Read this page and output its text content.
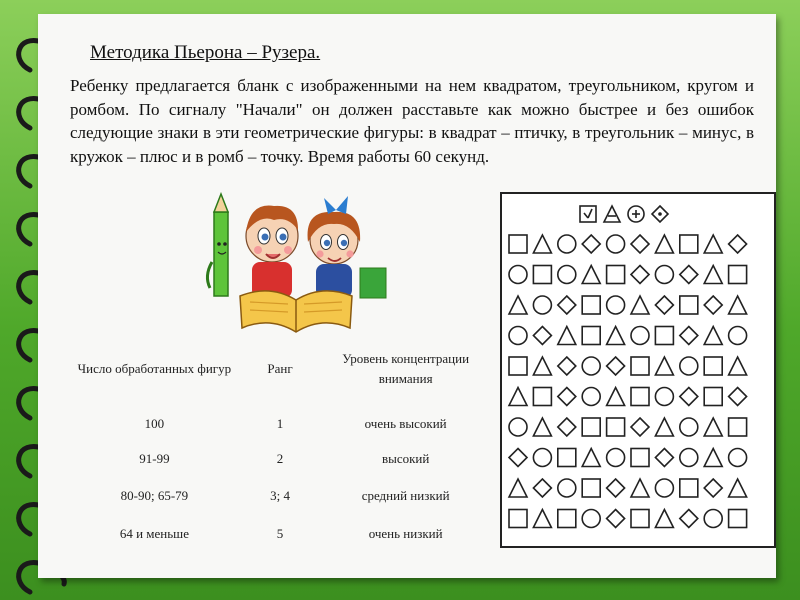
Методика Пьерона – Рузера.
Ребенку предлагается бланк с изображенными на нем квадратом, треугольником, кругом и ромбом. По сигналу "Начали" он должен расставьте как можно быстрее и без ошибок следующие знаки в эти геометрические фигуры: в квадрат – птичку, в треугольник – минус, в кружок – плюс и в ромб – точку. Время работы 60 секунд.
Число обработанных фигур	Ранг	Уровень концентрации внимания
100	1	очень высокий
91-99	2	высокий
80-90; 65-79	3; 4	средний низкий
64 и меньше	5	очень низкий
